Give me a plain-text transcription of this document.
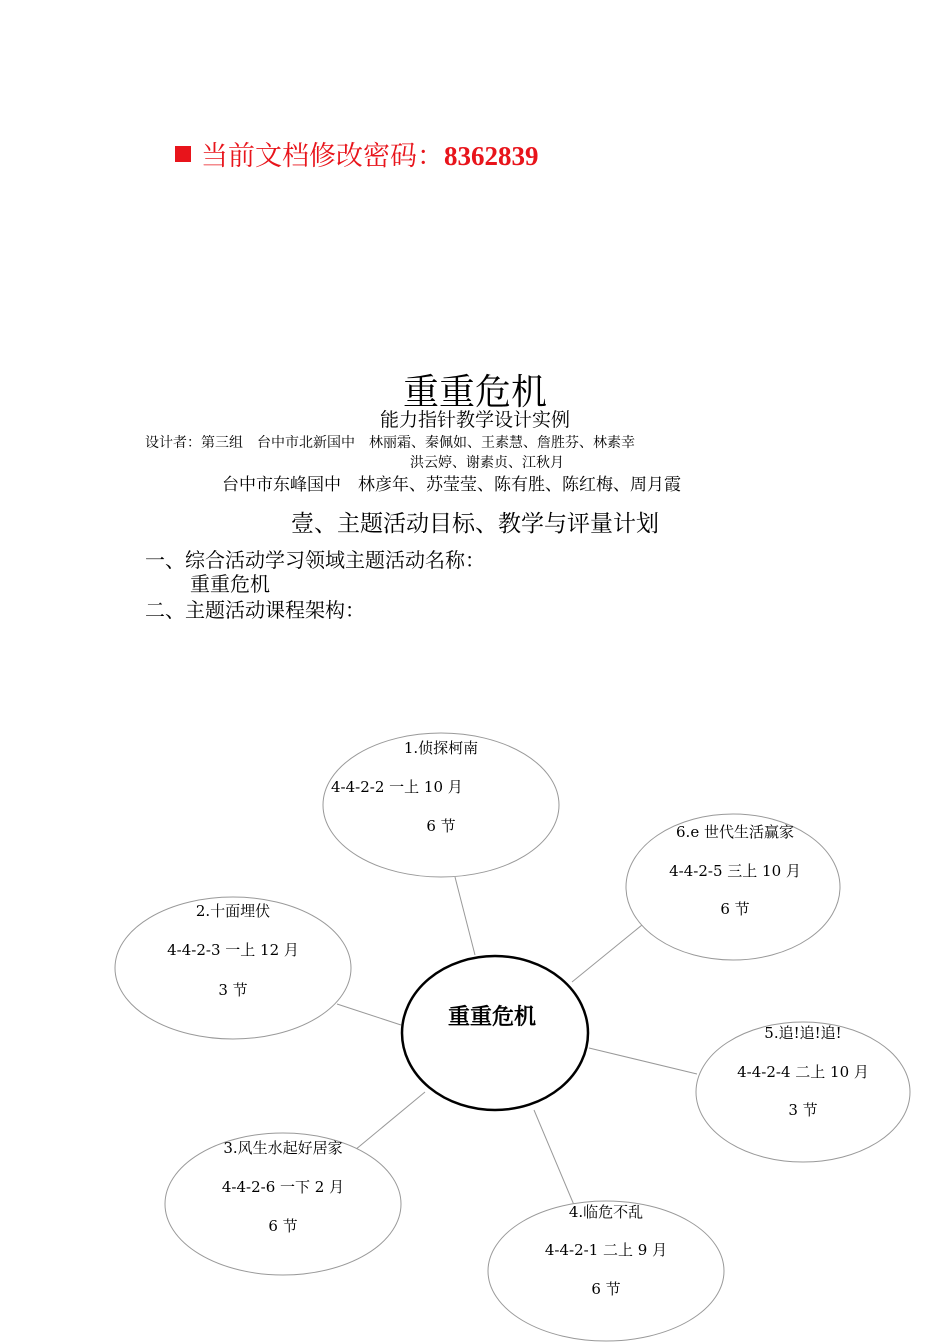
当前文档修改密码：8362839
重重危机
能力指针教学设计实例
设计者：第三组　台中市北新国中　林丽霜、秦佩如、王素慧、詹胜芬、林素幸
洪云婷、谢素贞、江秋月
台中市东峰国中　林彦年、苏莹莹、陈有胜、陈红梅、周月霞
壹、主题活动目标、教学与评量计划
一、综合活动学习领域主题活动名称：
重重危机
二、主题活动课程架构：
重重危机
1.侦探柯南
4-4-2-2 一上 10 月
6 节
2.十面埋伏
4-4-2-3 一上 12 月
3 节
3.风生水起好居家
4-4-2-6 一下 2 月
6 节
4.临危不乱
4-4-2-1 二上 9 月
6 节
5.追!追!追!
4-4-2-4 二上 10 月
3 节
6.e 世代生活赢家
4-4-2-5 三上 10 月
6 节
